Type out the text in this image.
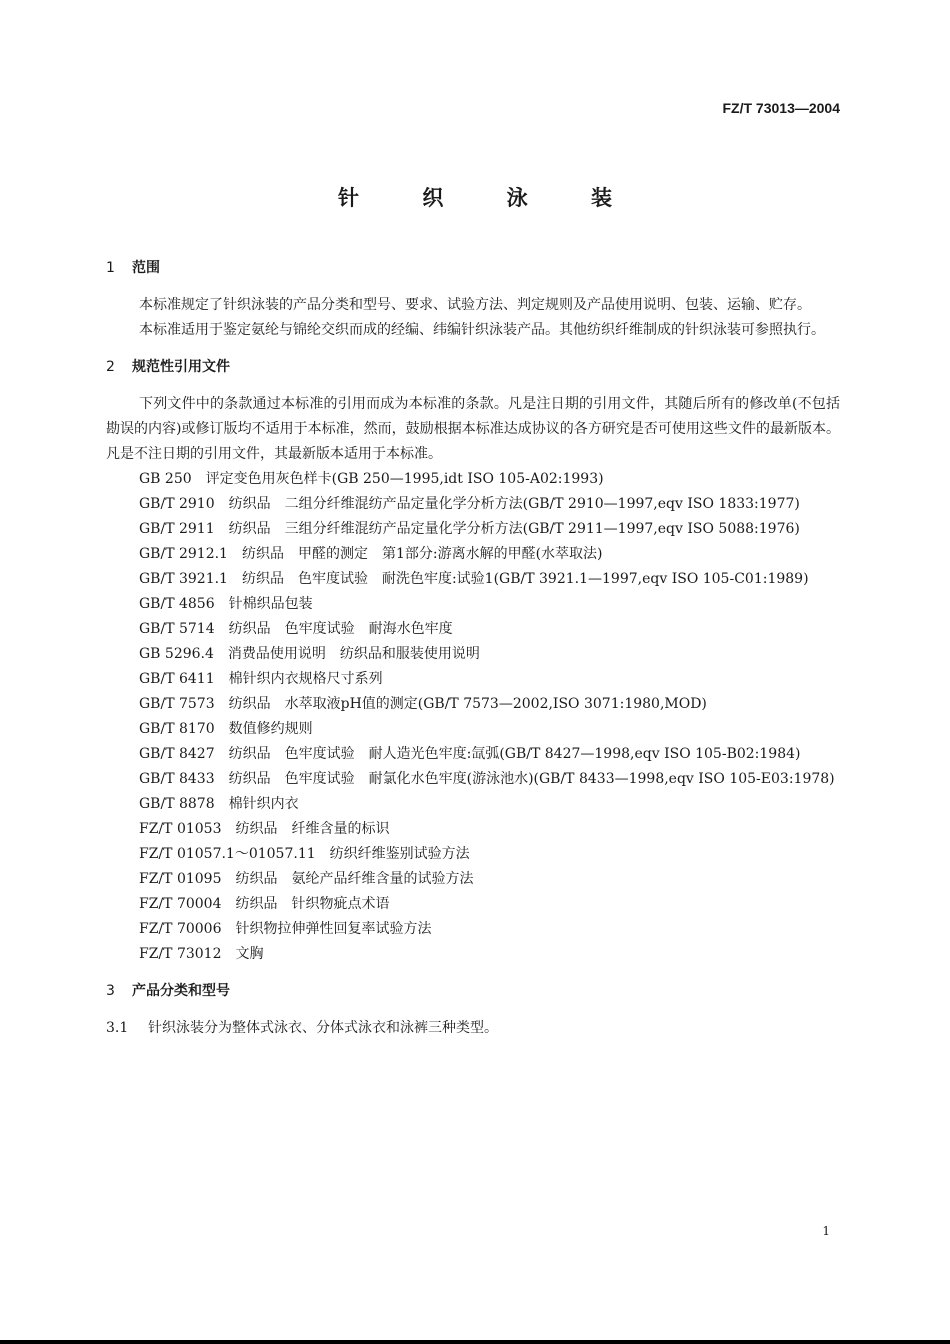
FZ/T 73013—2004
针 织 泳 装
1 范围

本标准规定了针织泳装的产品分类和型号、要求、试验方法、判定规则及产品使用说明、包装、运输、贮存。

本标准适用于鉴定氨纶与锦纶交织而成的经编、纬编针织泳装产品。其他纺织纤维制成的针织泳装可参照执行。

2 规范性引用文件

下列文件中的条款通过本标准的引用而成为本标准的条款。凡是注日期的引用文件，其随后所有的修改单(不包括勘误的内容)或修订版均不适用于本标准，然而，鼓励根据本标准达成协议的各方研究是否可使用这些文件的最新版本。凡是不注日期的引用文件，其最新版本适用于本标准。

GB 250　评定变色用灰色样卡(GB 250—1995,idt ISO 105-A02:1993)

GB/T 2910　纺织品　二组分纤维混纺产品定量化学分析方法(GB/T 2910—1997,eqv ISO 1833:1977)

GB/T 2911　纺织品　三组分纤维混纺产品定量化学分析方法(GB/T 2911—1997,eqv ISO 5088:1976)

GB/T 2912.1　纺织品　甲醛的测定　第1部分:游离水解的甲醛(水萃取法)

GB/T 3921.1　纺织品　色牢度试验　耐洗色牢度:试验1(GB/T 3921.1—1997,eqv ISO 105-C01:1989)

GB/T 4856　针棉织品包装

GB/T 5714　纺织品　色牢度试验　耐海水色牢度

GB 5296.4　消费品使用说明　纺织品和服装使用说明

GB/T 6411　棉针织内衣规格尺寸系列

GB/T 7573　纺织品　水萃取液pH值的测定(GB/T 7573—2002,ISO 3071:1980,MOD)

GB/T 8170　数值修约规则

GB/T 8427　纺织品　色牢度试验　耐人造光色牢度:氙弧(GB/T 8427—1998,eqv ISO 105-B02:1984)

GB/T 8433　纺织品　色牢度试验　耐氯化水色牢度(游泳池水)(GB/T 8433—1998,eqv ISO 105-E03:1978)

GB/T 8878　棉针织内衣

FZ/T 01053　纺织品　纤维含量的标识

FZ/T 01057.1～01057.11　纺织纤维鉴别试验方法

FZ/T 01095　纺织品　氨纶产品纤维含量的试验方法

FZ/T 70004　纺织品　针织物疵点术语

FZ/T 70006　针织物拉伸弹性回复率试验方法

FZ/T 73012　文胸

3 产品分类和型号
3.1 针织泳装分为整体式泳衣、分体式泳衣和泳裤三种类型。
1
